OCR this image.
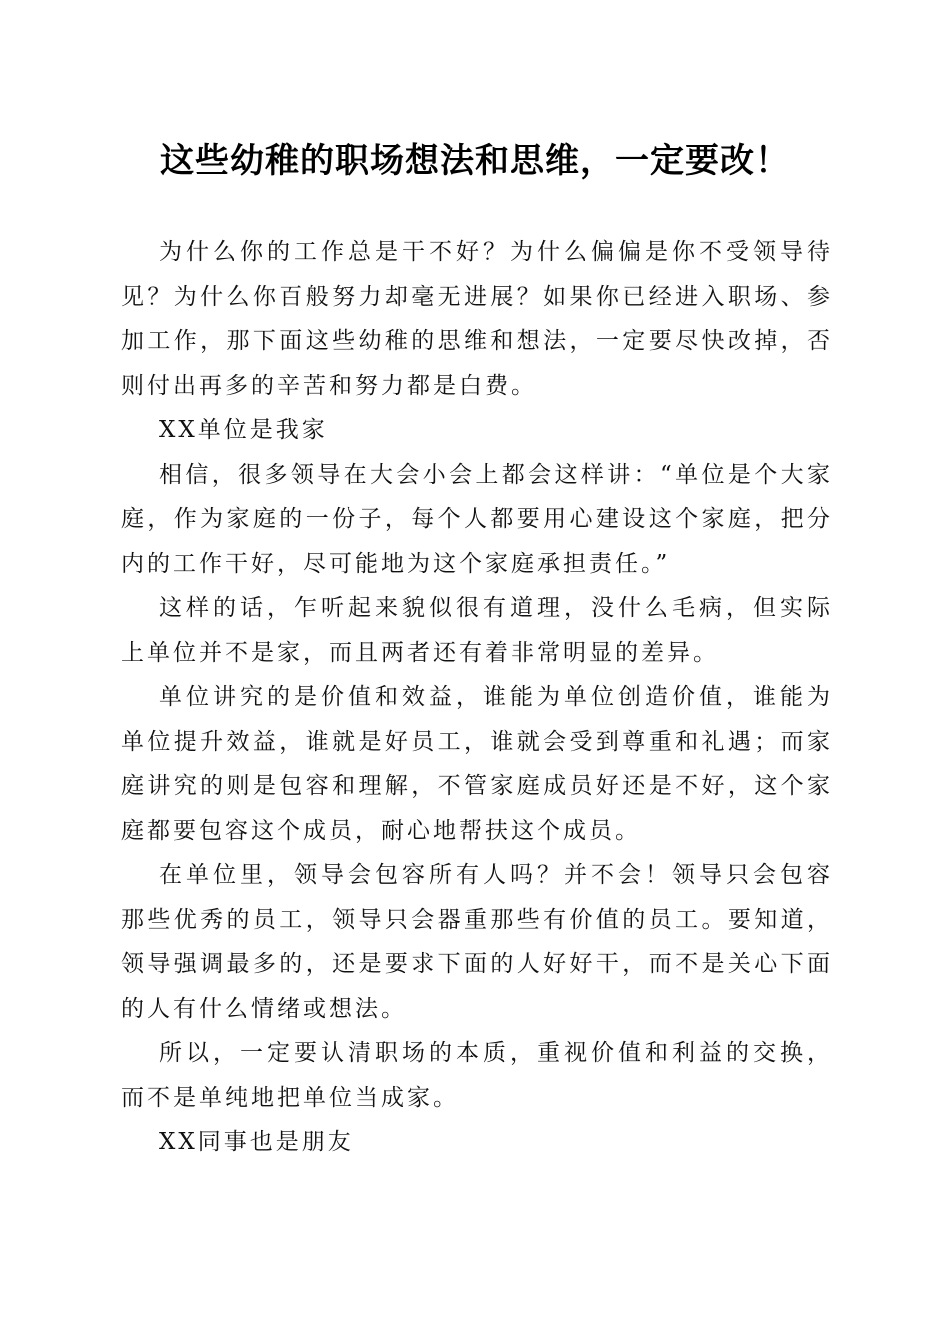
这些幼稚的职场想法和思维，一定要改！

为什么你的工作总是干不好？为什么偏偏是你不受领导待见？为什么你百般努力却毫无进展？如果你已经进入职场、参加工作，那下面这些幼稚的思维和想法，一定要尽快改掉，否则付出再多的辛苦和努力都是白费。

XX单位是我家

相信，很多领导在大会小会上都会这样讲：“单位是个大家庭，作为家庭的一份子，每个人都要用心建设这个家庭，把分内的工作干好，尽可能地为这个家庭承担责任。”

这样的话，乍听起来貌似很有道理，没什么毛病，但实际上单位并不是家，而且两者还有着非常明显的差异。

单位讲究的是价值和效益，谁能为单位创造价值，谁能为单位提升效益，谁就是好员工，谁就会受到尊重和礼遇；而家庭讲究的则是包容和理解，不管家庭成员好还是不好，这个家庭都要包容这个成员，耐心地帮扶这个成员。

在单位里，领导会包容所有人吗？并不会！领导只会包容那些优秀的员工，领导只会器重那些有价值的员工。要知道，领导强调最多的，还是要求下面的人好好干，而不是关心下面的人有什么情绪或想法。

所以，一定要认清职场的本质，重视价值和利益的交换，而不是单纯地把单位当成家。

XX同事也是朋友
